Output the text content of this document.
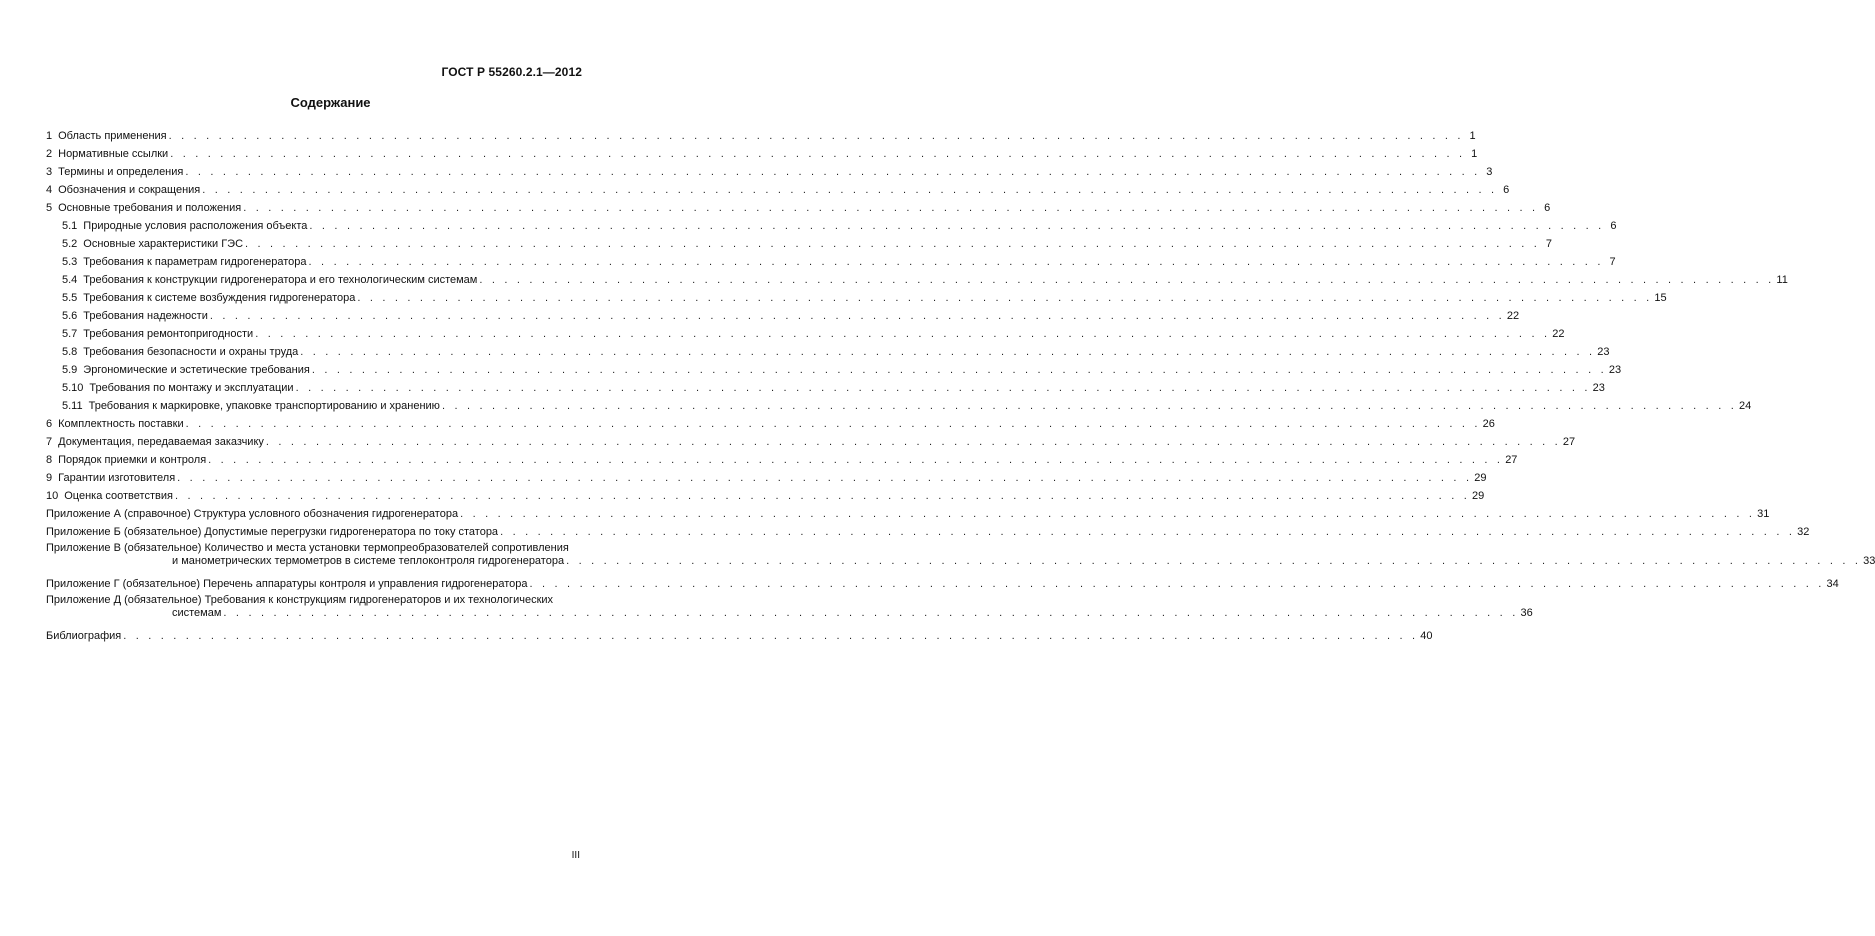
ГОСТ Р 55260.2.1—2012
Содержание
1 Область применения . . . . . . . . . . . . . . . . . . . . . . . . . . . . . . . . . . . . . . . . . . . . . . . . . . . . . . . . . . . . . . . . . . . . . . . . . . . . . . . . . . . . . . . . . . . . . . . . . . . . . . . . 1
2 Нормативные ссылки . . . . . . . . . . . . . . . . . . . . . . . . . . . . . . . . . . . . . . . . . . . . . . . . . . . . . . . . . . . . . . . . . . . . . . . . . . . . . . . . . . . . . . . . . . . . . . . . . . . . . . . . 1
3 Термины и определения . . . . . . . . . . . . . . . . . . . . . . . . . . . . . . . . . . . . . . . . . . . . . . . . . . . . . . . . . . . . . . . . . . . . . . . . . . . . . . . . . . . . . . . . . . . . . . . . . . . . . . . . 3
4 Обозначения и сокращения . . . . . . . . . . . . . . . . . . . . . . . . . . . . . . . . . . . . . . . . . . . . . . . . . . . . . . . . . . . . . . . . . . . . . . . . . . . . . . . . . . . . . . . . . . . . . . . . . . . . . . . . 6
5 Основные требования и положения . . . . . . . . . . . . . . . . . . . . . . . . . . . . . . . . . . . . . . . . . . . . . . . . . . . . . . . . . . . . . . . . . . . . . . . . . . . . . . . . . . . . . . . . . . . . . . . . . . . . . . . . 6
5.1 Природные условия расположения объекта . . . . . . . . . . . . . . . . . . . . . . . . . . . . . . . . . . . . . . . . . . . . . . . . . . . . . . . . . . . . . . . . . . . . . . . . . . . . . . . . . . . . . . . . . . . . . . . . . . . . . . . . 6
5.2 Основные характеристики ГЭС . . . . . . . . . . . . . . . . . . . . . . . . . . . . . . . . . . . . . . . . . . . . . . . . . . . . . . . . . . . . . . . . . . . . . . . . . . . . . . . . . . . . . . . . . . . . . . . . . . . . . . . . 7
5.3 Требования к параметрам гидрогенератора . . . . . . . . . . . . . . . . . . . . . . . . . . . . . . . . . . . . . . . . . . . . . . . . . . . . . . . . . . . . . . . . . . . . . . . . . . . . . . . . . . . . . . . . . . . . . . . . . . . . . . . . 7
5.4 Требования к конструкции гидрогенератора и его технологическим системам . . . . . . . . . . . . . . . . . . . . . . . . . . . . . . . . . . . . . . . . . . . . . . . . . . . . . . . . . . . . . . . . . . . . . . . . . . . . . . . . . . . . . . . . . . . . . . . . . . . . . . . . 11
5.5 Требования к системе возбуждения гидрогенератора . . . . . . . . . . . . . . . . . . . . . . . . . . . . . . . . . . . . . . . . . . . . . . . . . . . . . . . . . . . . . . . . . . . . . . . . . . . . . . . . . . . . . . . . . . . . . . . . . . . . . . . . 15
5.6 Требования надежности . . . . . . . . . . . . . . . . . . . . . . . . . . . . . . . . . . . . . . . . . . . . . . . . . . . . . . . . . . . . . . . . . . . . . . . . . . . . . . . . . . . . . . . . . . . . . . . . . . . . . . . . 22
5.7 Требования ремонтопригодности . . . . . . . . . . . . . . . . . . . . . . . . . . . . . . . . . . . . . . . . . . . . . . . . . . . . . . . . . . . . . . . . . . . . . . . . . . . . . . . . . . . . . . . . . . . . . . . . . . . . . . . . 22
5.8 Требования безопасности и охраны труда . . . . . . . . . . . . . . . . . . . . . . . . . . . . . . . . . . . . . . . . . . . . . . . . . . . . . . . . . . . . . . . . . . . . . . . . . . . . . . . . . . . . . . . . . . . . . . . . . . . . . . . . 23
5.9 Эргономические и эстетические требования . . . . . . . . . . . . . . . . . . . . . . . . . . . . . . . . . . . . . . . . . . . . . . . . . . . . . . . . . . . . . . . . . . . . . . . . . . . . . . . . . . . . . . . . . . . . . . . . . . . . . . . . 23
5.10 Требования по монтажу и эксплуатации . . . . . . . . . . . . . . . . . . . . . . . . . . . . . . . . . . . . . . . . . . . . . . . . . . . . . . . . . . . . . . . . . . . . . . . . . . . . . . . . . . . . . . . . . . . . . . . . . . . . . . . . 23
5.11 Требования к маркировке, упаковке транспортированию и хранению . . . . . . . . . . . . . . . . . . . . . . . . . . . . . . . . . . . . . . . . . . . . . . . . . . . . . . . . . . . . . . . . . . . . . . . . . . . . . . . . . . . . . . . . . . . . . . . . . . . . . . . . 24
6 Комплектность поставки . . . . . . . . . . . . . . . . . . . . . . . . . . . . . . . . . . . . . . . . . . . . . . . . . . . . . . . . . . . . . . . . . . . . . . . . . . . . . . . . . . . . . . . . . . . . . . . . . . . . . . . . 26
7 Документация, передаваемая заказчику . . . . . . . . . . . . . . . . . . . . . . . . . . . . . . . . . . . . . . . . . . . . . . . . . . . . . . . . . . . . . . . . . . . . . . . . . . . . . . . . . . . . . . . . . . . . . . . . . . . . . . . . 27
8 Порядок приемки и контроля . . . . . . . . . . . . . . . . . . . . . . . . . . . . . . . . . . . . . . . . . . . . . . . . . . . . . . . . . . . . . . . . . . . . . . . . . . . . . . . . . . . . . . . . . . . . . . . . . . . . . . . . 27
9 Гарантии изготовителя . . . . . . . . . . . . . . . . . . . . . . . . . . . . . . . . . . . . . . . . . . . . . . . . . . . . . . . . . . . . . . . . . . . . . . . . . . . . . . . . . . . . . . . . . . . . . . . . . . . . . . . . 29
10 Оценка соответствия . . . . . . . . . . . . . . . . . . . . . . . . . . . . . . . . . . . . . . . . . . . . . . . . . . . . . . . . . . . . . . . . . . . . . . . . . . . . . . . . . . . . . . . . . . . . . . . . . . . . . . . . 29
Приложение А (справочное) Структура условного обозначения гидрогенератора . . . . . . . . . . . . . . . . . . . . . . . . . . . . . . . . . . . . . . . . . . . . . . . . . . . . . . . . . . . . . . . . . . . . . . . . . . . . . . . . . . . . . . . . . . . . . . . . . . . . . . . . 31
Приложение Б (обязательное) Допустимые перегрузки гидрогенератора по току статора . . . . . . . . . . . . . . . . . . . . . . . . . . . . . . . . . . . . . . . . . . . . . . . . . . . . . . . . . . . . . . . . . . . . . . . . . . . . . . . . . . . . . . . . . . . . . . . . . . . . . . . . 32
Приложение В (обязательное) Количество и места установки термопреобразователей сопротивления
и манометрических термометров в системе теплоконтроля гидрогенератора . . . . . . . . . . . . . . . . . . . . . . . . . . . . . . . . . . . . . . . . . . . . . . . . . . . . . . . . . . . . . . . . . . . . . . . . . . . . . . . . . . . . . . . . . . . . . . . . . . . . . . . . 33
Приложение Г (обязательное) Перечень аппаратуры контроля и управления гидрогенератора . . . . . . . . . . . . . . . . . . . . . . . . . . . . . . . . . . . . . . . . . . . . . . . . . . . . . . . . . . . . . . . . . . . . . . . . . . . . . . . . . . . . . . . . . . . . . . . . . . . . . . . . 34
Приложение Д (обязательное) Требования к конструкциям гидрогенераторов и их технологических
системам . . . . . . . . . . . . . . . . . . . . . . . . . . . . . . . . . . . . . . . . . . . . . . . . . . . . . . . . . . . . . . . . . . . . . . . . . . . . . . . . . . . . . . . . . . . . . . . . . . . . . . . . 36
Библиография . . . . . . . . . . . . . . . . . . . . . . . . . . . . . . . . . . . . . . . . . . . . . . . . . . . . . . . . . . . . . . . . . . . . . . . . . . . . . . . . . . . . . . . . . . . . . . . . . . . . . . . . 40
III
